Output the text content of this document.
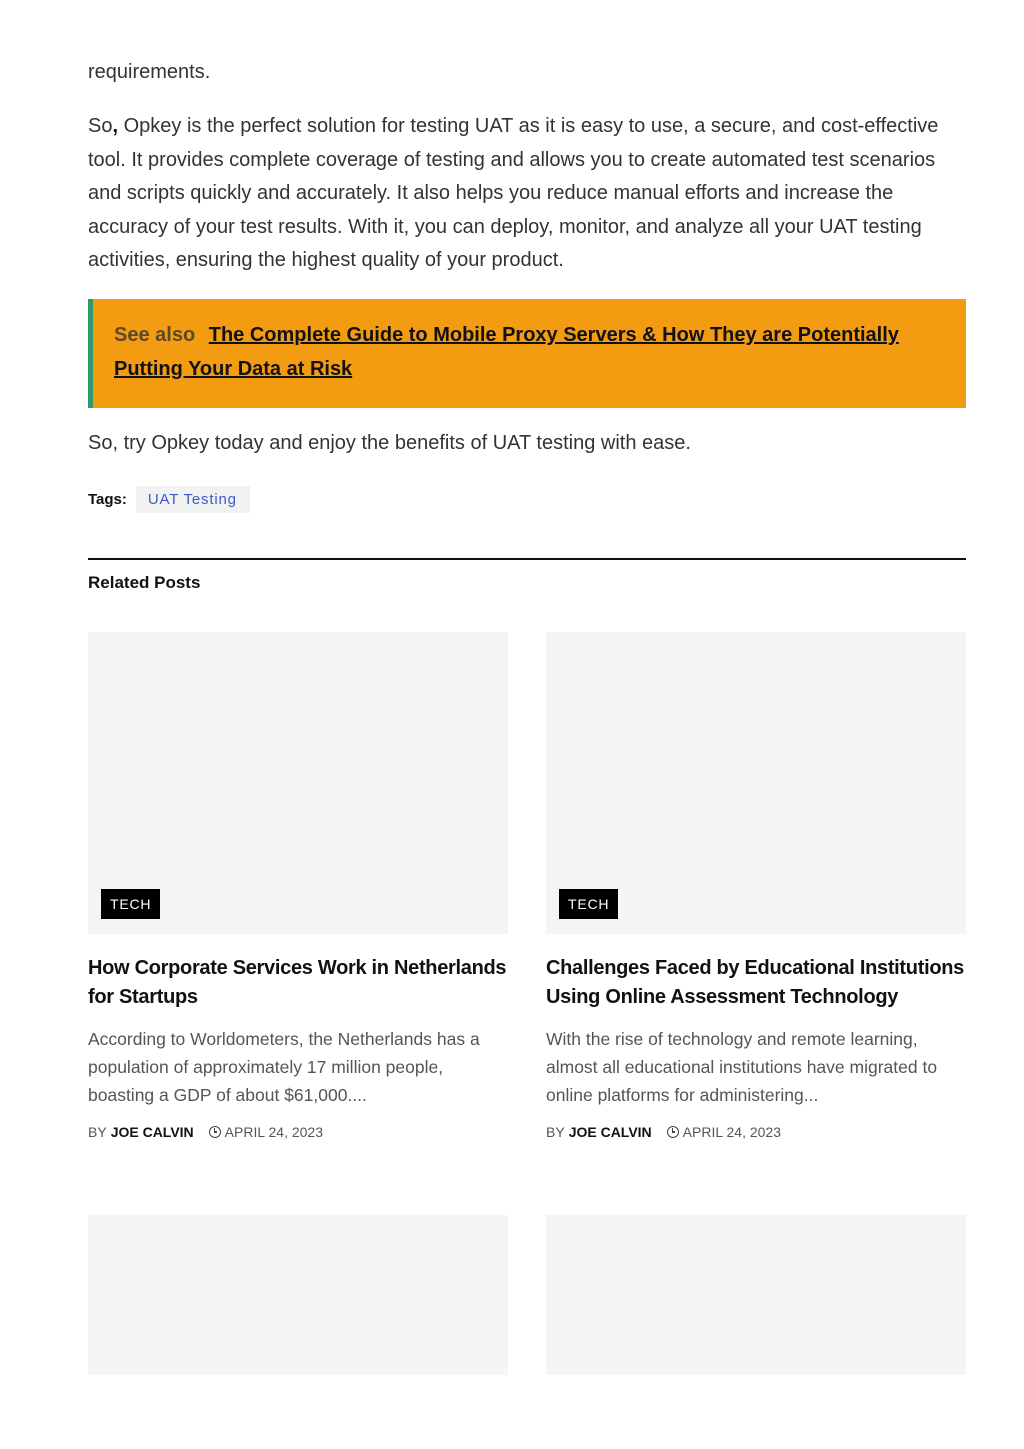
requirements.

So, Opkey is the perfect solution for testing UAT as it is easy to use, a secure, and cost-effective tool. It provides complete coverage of testing and allows you to create automated test scenarios and scripts quickly and accurately. It also helps you reduce manual efforts and increase the accuracy of your test results. With it, you can deploy, monitor, and analyze all your UAT testing activities, ensuring the highest quality of your product.

See also The Complete Guide to Mobile Proxy Servers & How They are Potentially Putting Your Data at Risk

So, try Opkey today and enjoy the benefits of UAT testing with ease.

Tags:	UAT Testing
Related Posts
TECH
How Corporate Services Work in Netherlands for Startups

According to Worldometers, the Netherlands has a population of approximately 17 million people, boasting a GDP of about $61,000....

BY JOE CALVIN APRIL 24, 2023
TECH
Challenges Faced by Educational Institutions Using Online Assessment Technology

With the rise of technology and remote learning, almost all educational institutions have migrated to online platforms for administering...

BY JOE CALVIN APRIL 24, 2023
